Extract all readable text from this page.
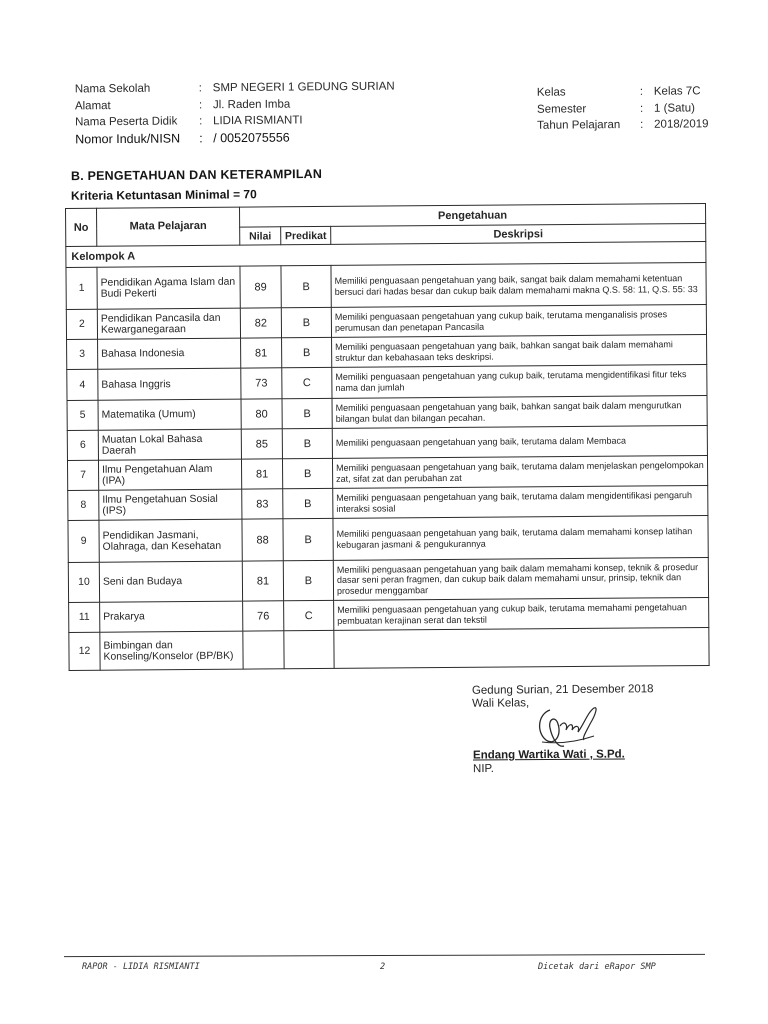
Nama Sekolah	: SMP NEGERI 1 GEDUNG SURIAN
Alamat	: Jl. Raden Imba
Nama Peserta Didik	: LIDIA RISMIANTI
Nomor Induk/NISN	: / 0052075556
Kelas	: Kelas 7C
Semester	: 1 (Satu)
Tahun Pelajaran	: 2018/2019
B. PENGETAHUAN DAN KETERAMPILAN
Kriteria Ketuntasan Minimal = 70
No	Mata Pelajaran	Pengetahuan		
		Nilai	Predikat	Deskripsi
Kelompok A				
1	Pendidikan Agama Islam dan Budi Pekerti	89	B	Memiliki penguasaan pengetahuan yang baik, sangat baik dalam memahami ketentuan bersuci dari hadas besar dan cukup baik dalam memahami makna Q.S. 58: 11, Q.S. 55: 33
2	Pendidikan Pancasila dan Kewarganegaraan	82	B	Memiliki penguasaan pengetahuan yang cukup baik, terutama menganalisis proses perumusan dan penetapan Pancasila
3	Bahasa Indonesia	81	B	Memiliki penguasaan pengetahuan yang baik, bahkan sangat baik dalam memahami struktur dan kebahasaan teks deskripsi.
4	Bahasa Inggris	73	C	Memiliki penguasaan pengetahuan yang cukup baik, terutama mengidentifikasi fitur teks nama dan jumlah
5	Matematika (Umum)	80	B	Memiliki penguasaan pengetahuan yang baik, bahkan sangat baik dalam mengurutkan bilangan bulat dan bilangan pecahan.
6	Muatan Lokal Bahasa Daerah	85	B	Memiliki penguasaan pengetahuan yang baik, terutama dalam Membaca
7	Ilmu Pengetahuan Alam (IPA)	81	B	Memiliki penguasaan pengetahuan yang baik, terutama dalam menjelaskan pengelompokan zat, sifat zat dan perubahan zat
8	Ilmu Pengetahuan Sosial (IPS)	83	B	Memiliki penguasaan pengetahuan yang baik, terutama dalam mengidentifikasi pengaruh interaksi sosial
9	Pendidikan Jasmani, Olahraga, dan Kesehatan	88	B	Memiliki penguasaan pengetahuan yang baik, terutama dalam memahami konsep latihan kebugaran jasmani & pengukurannya
10	Seni dan Budaya	81	B	Memiliki penguasaan pengetahuan yang baik dalam memahami konsep, teknik & prosedur dasar seni peran fragmen, dan cukup baik dalam memahami unsur, prinsip, teknik dan prosedur menggambar
11	Prakarya	76	C	Memiliki penguasaan pengetahuan yang cukup baik, terutama memahami pengetahuan pembuatan kerajinan serat dan tekstil
12	Bimbingan dan Konseling/Konselor (BP/BK)			
Gedung Surian, 21 Desember 2018
Wali Kelas,
Endang Wartika Wati , S.Pd.
NIP.
RAPOR - LIDIA RISMIANTI	2	Dicetak dari eRapor SMP
